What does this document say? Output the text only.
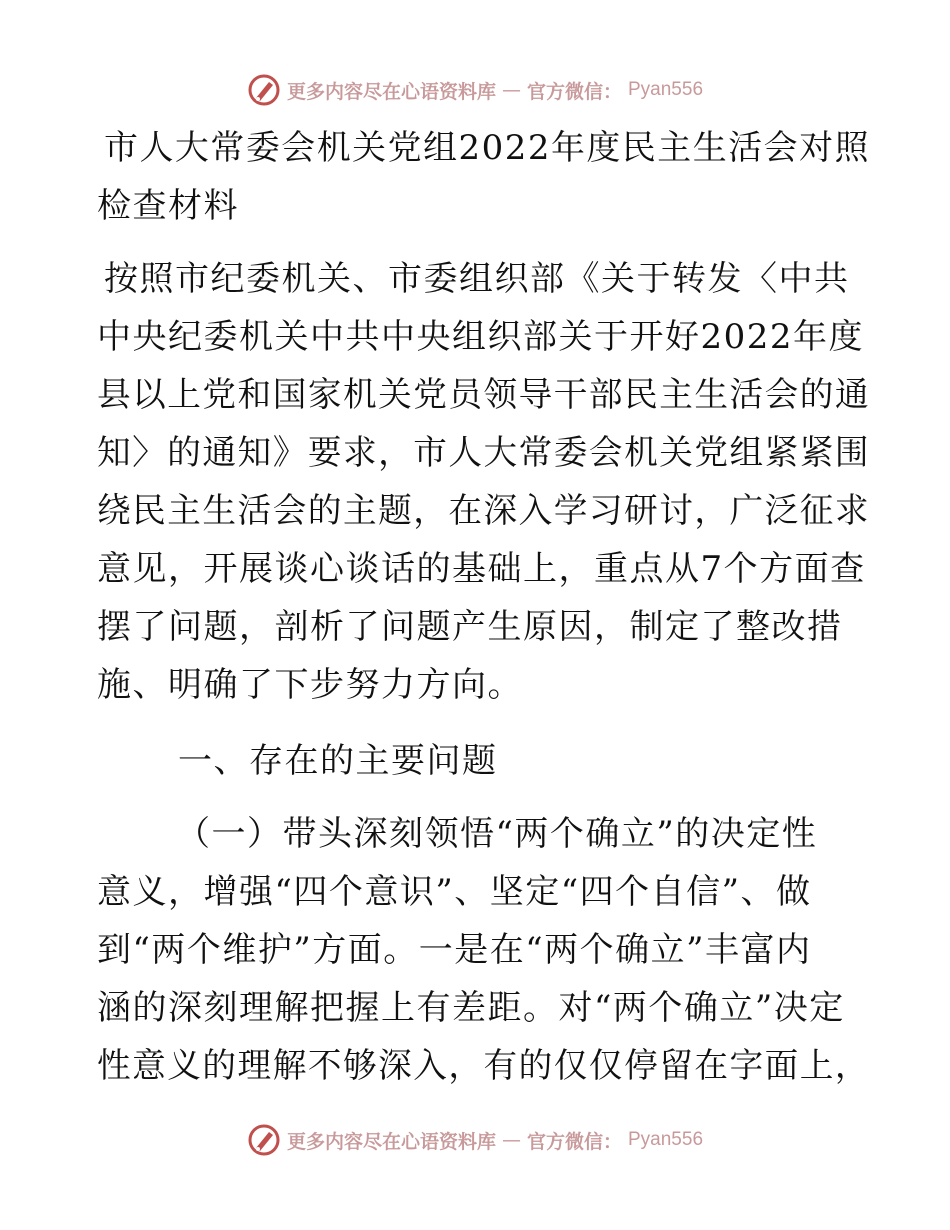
更多内容尽在心语资料库 — 官方微信： Pyan556
市人大常委会机关党组2022年度民主生活会对照
检查材料
按照市纪委机关、市委组织部《关于转发〈中共
中央纪委机关中共中央组织部关于开好2022年度
县以上党和国家机关党员领导干部民主生活会的通
知〉的通知》要求，市人大常委会机关党组紧紧围
绕民主生活会的主题，在深入学习研讨，广泛征求
意见，开展谈心谈话的基础上，重点从7个方面查
摆了问题，剖析了问题产生原因，制定了整改措
施、明确了下步努力方向。
一、存在的主要问题
（一）带头深刻领悟“两个确立”的决定性
意义，增强“四个意识”、坚定“四个自信”、做
到“两个维护”方面。一是在“两个确立”丰富内
涵的深刻理解把握上有差距。对“两个确立”决定
性意义的理解不够深入，有的仅仅停留在字面上，
更多内容尽在心语资料库 — 官方微信： Pyan556
